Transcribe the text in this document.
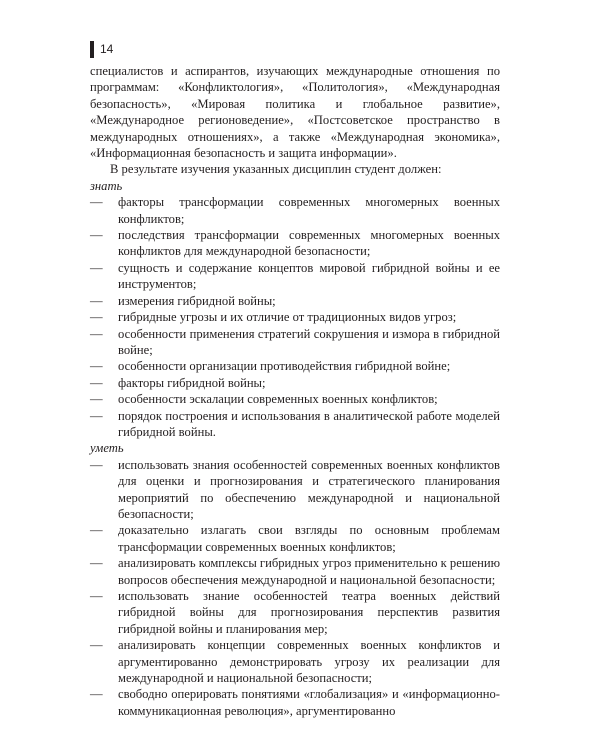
14

специалистов и аспирантов, изучающих международные отношения по программам: «Конфликтология», «Политология», «Международная безопасность», «Мировая политика и глобальное развитие», «Международное регионоведение», «Постсоветское пространство в международных отношениях», а также «Международная экономика», «Информационная безопасность и защита информации».

В результате изучения указанных дисциплин студент должен:

знать

— факторы трансформации современных многомерных военных конфликтов;
— последствия трансформации современных многомерных военных конфликтов для международной безопасности;
— сущность и содержание концептов мировой гибридной войны и ее инструментов;
— измерения гибридной войны;
— гибридные угрозы и их отличие от традиционных видов угроз;
— особенности применения стратегий сокрушения и измора в гибридной войне;
— особенности организации противодействия гибридной войне;
— факторы гибридной войны;
— особенности эскалации современных военных конфликтов;
— порядок построения и использования в аналитической работе моделей гибридной войны.

уметь

— использовать знания особенностей современных военных конфликтов для оценки и прогнозирования и стратегического планирования мероприятий по обеспечению международной и национальной безопасности;
— доказательно излагать свои взгляды по основным проблемам трансформации современных военных конфликтов;
— анализировать комплексы гибридных угроз применительно к решению вопросов обеспечения международной и национальной безопасности;
— использовать знание особенностей театра военных действий гибридной войны для прогнозирования перспектив развития гибридной войны и планирования мер;
— анализировать концепции современных военных конфликтов и аргументированно демонстрировать угрозу их реализации для международной и национальной безопасности;
— свободно оперировать понятиями «глобализация» и «информационно-коммуникационная революция», аргументированно
